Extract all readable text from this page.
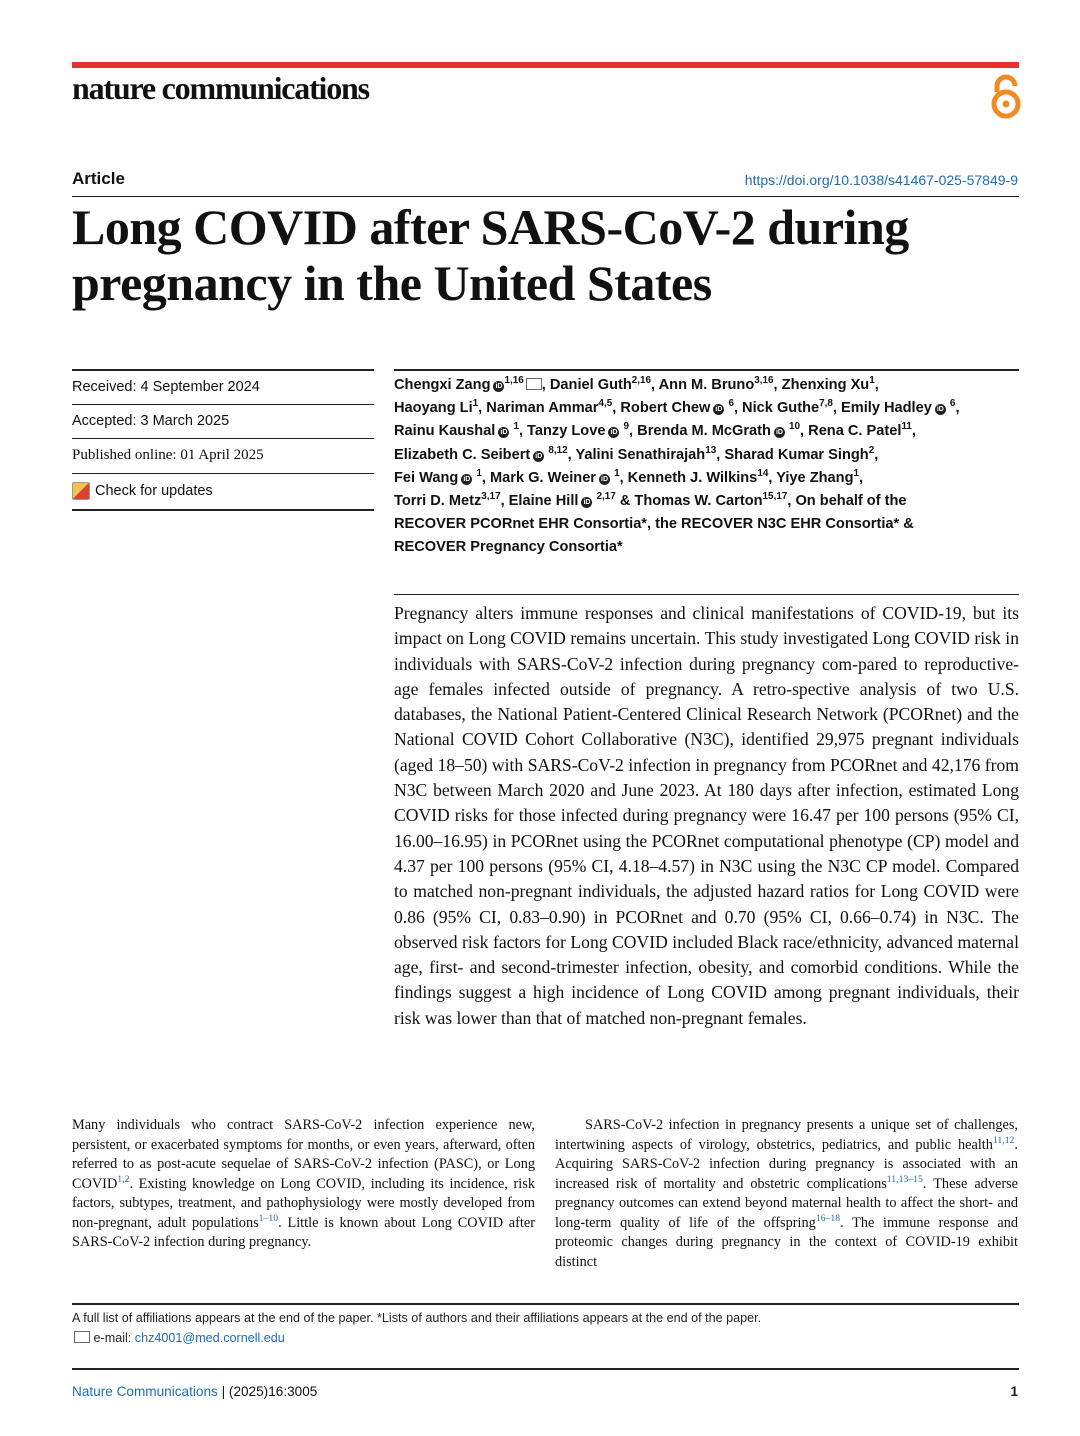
nature communications
Article	https://doi.org/10.1038/s41467-025-57849-9
Long COVID after SARS-CoV-2 during
pregnancy in the United States
Received: 4 September 2024
Accepted: 3 March 2025
Published online: 01 April 2025
Check for updates

Chengxi Zang iD$^{1,16}$ , Daniel Guth$^{2,16}$, Ann M. Bruno$^{3,16}$, Zhenxing Xu$^1$,
Haoyang Li$^1$, Nariman Ammar$^{4,5}$, Robert Chew iD $^6$, Nick Guthe$^{7,8}$, Emily Hadley iD $^6$,
Rainu Kaushal iD $^1$, Tanzy Love iD $^9$, Brenda M. McGrath iD $^{10}$, Rena C. Patel$^{11}$,
Elizabeth C. Seibert iD $^{8,12}$, Yalini Senathirajah$^{13}$, Sharad Kumar Singh$^2$,
Fei Wang iD $^1$, Mark G. Weiner iD $^1$, Kenneth J. Wilkins$^{14}$, Yiye Zhang$^1$,
Torri D. Metz$^{3,17}$, Elaine Hill iD $^{2,17}$ & Thomas W. Carton$^{15,17}$, On behalf of the
RECOVER PCORnet EHR Consortia*, the RECOVER N3C EHR Consortia* &
RECOVER Pregnancy Consortia*

Pregnancy alters immune responses and clinical manifestations of COVID-19, but its impact on Long COVID remains uncertain. This study investigated Long COVID risk in individuals with SARS-CoV-2 infection during pregnancy com-pared to reproductive-age females infected outside of pregnancy. A retro-spective analysis of two U.S. databases, the National Patient-Centered Clinical Research Network (PCORnet) and the National COVID Cohort Collaborative (N3C), identified 29,975 pregnant individuals (aged 18–50) with SARS-CoV-2 infection in pregnancy from PCORnet and 42,176 from N3C between March 2020 and June 2023. At 180 days after infection, estimated Long COVID risks for those infected during pregnancy were 16.47 per 100 persons (95% CI, 16.00–16.95) in PCORnet using the PCORnet computational phenotype (CP) model and 4.37 per 100 persons (95% CI, 4.18–4.57) in N3C using the N3C CP model. Compared to matched non-pregnant individuals, the adjusted hazard ratios for Long COVID were 0.86 (95% CI, 0.83–0.90) in PCORnet and 0.70 (95% CI, 0.66–0.74) in N3C. The observed risk factors for Long COVID included Black race/ethnicity, advanced maternal age, first- and second-trimester infection, obesity, and comorbid conditions. While the findings suggest a high incidence of Long COVID among pregnant individuals, their risk was lower than that of matched non-pregnant females.

Many individuals who contract SARS-CoV-2 infection experience new, persistent, or exacerbated symptoms for months, or even years, afterward, often referred to as post-acute sequelae of SARS-CoV-2 infection (PASC), or Long COVID$^{1,2}$. Existing knowledge on Long COVID, including its incidence, risk factors, subtypes, treatment, and pathophysiology were mostly developed from non-pregnant, adult populations$^{1-10}$. Little is known about Long COVID after SARS-CoV-2 infection during pregnancy.

SARS-CoV-2 infection in pregnancy presents a unique set of challenges, intertwining aspects of virology, obstetrics, pediatrics, and public health$^{11,12}$. Acquiring SARS-CoV-2 infection during pregnancy is associated with an increased risk of mortality and obstetric complications$^{11,13-15}$. These adverse pregnancy outcomes can extend beyond maternal health to affect the short- and long-term quality of life of the offspring$^{16-18}$. The immune response and proteomic changes during pregnancy in the context of COVID-19 exhibit distinct

A full list of affiliations appears at the end of the paper. *Lists of authors and their affiliations appears at the end of the paper.
e-mail: chz4001@med.cornell.edu
Nature Communications | (2025)16:3005	1
